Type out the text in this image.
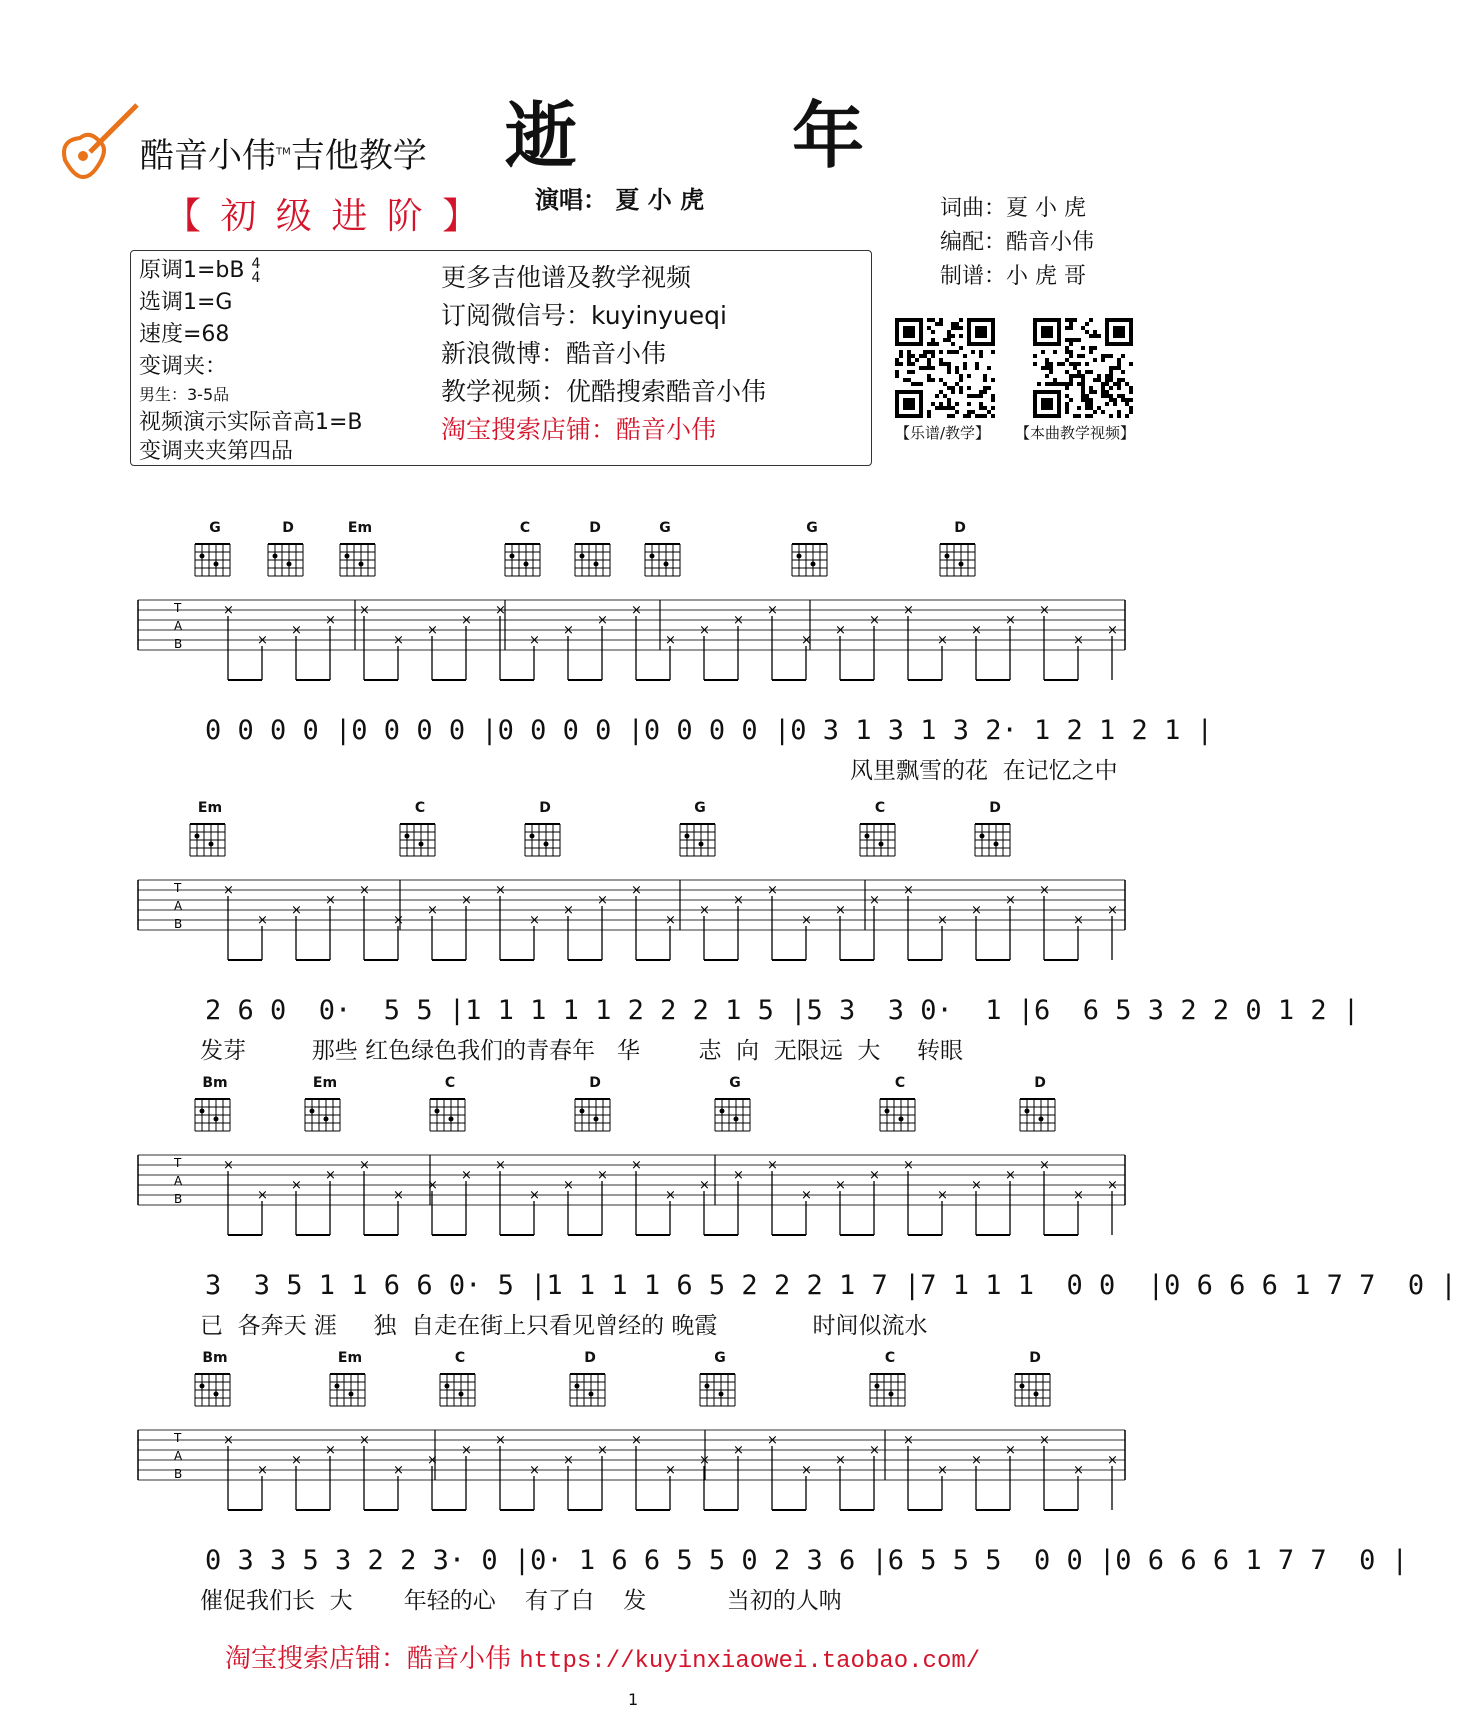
酷音小伟™吉他教学
【 初 级 进 阶 】
逝 年
演唱： 夏 小 虎	词曲：夏 小 虎
编配：酷音小伟
制谱：小 虎 哥
原调1=bB 4
4
选调1=G
速度=68
变调夹：
男生：3-5品
视频演示实际音高1=B
变调夹夹第四品
更多吉他谱及教学视频
订阅微信号：kuyinyueqi
新浪微博：酷音小伟
教学视频：优酷搜索酷音小伟
淘宝搜索店铺：酷音小伟	【乐谱/教学】	【本曲教学视频】
G	D	Em	C	D	G	G	D
T
A
B
×
×
×
×
×
×
×
×
×
×
×
×
×
×
×
×
×
×
×
×
×
×
×
×
×
×
×
0 0 0 0 |0 0 0 0 |0 0 0 0 |0 0 0 0 |0 3 1 3 1 3 2· 1 2 1 2 1 |
风里飘雪的花  在记忆之中
Em	C	D	G	C	D
T
A
B
×
×
×
×
×
×
×
×
×
×
×
×
×
×
×
×
×
×
×
×
×
×
×
×
×
×
×
2 6 0  0·  5 5 |1 1 1 1 1 2 2 2 1 5 |5 3  3 0·  1 |6  6 5 3 2 2 0 1 2 |
发芽         那些 红色绿色我们的青春年   华        志  向  无限远  大     转眼
Bm	Em	C	D	G	C	D
T
A
B
×
×
×
×
×
×
×
×
×
×
×
×
×
×
×
×
×
×
×
×
×
×
×
×
×
×
×
3  3 5 1 1 6 6 0· 5 |1 1 1 1 6 5 2 2 2 1 7 |7 1 1 1  0 0  |0 6 6 6 1 7 7  0 |
已  各奔天 涯     独  自走在街上只看见曾经的 晚霞             时间似流水
Bm	Em	C	D	G	C	D
T
A
B
×
×
×
×
×
×
×
×
×
×
×
×
×
×
×
×
×
×
×
×
×
×
×
×
×
×
×
0 3 3 5 3 2 2 3· 0 |0· 1 6 6 5 5 0 2 3 6 |6 5 5 5  0 0 |0 6 6 6 1 7 7  0 |
催促我们长  大       年轻的心    有了白    发           当初的人呐
淘宝搜索店铺：酷音小伟 https://kuyinxiaowei.taobao.com/
1
